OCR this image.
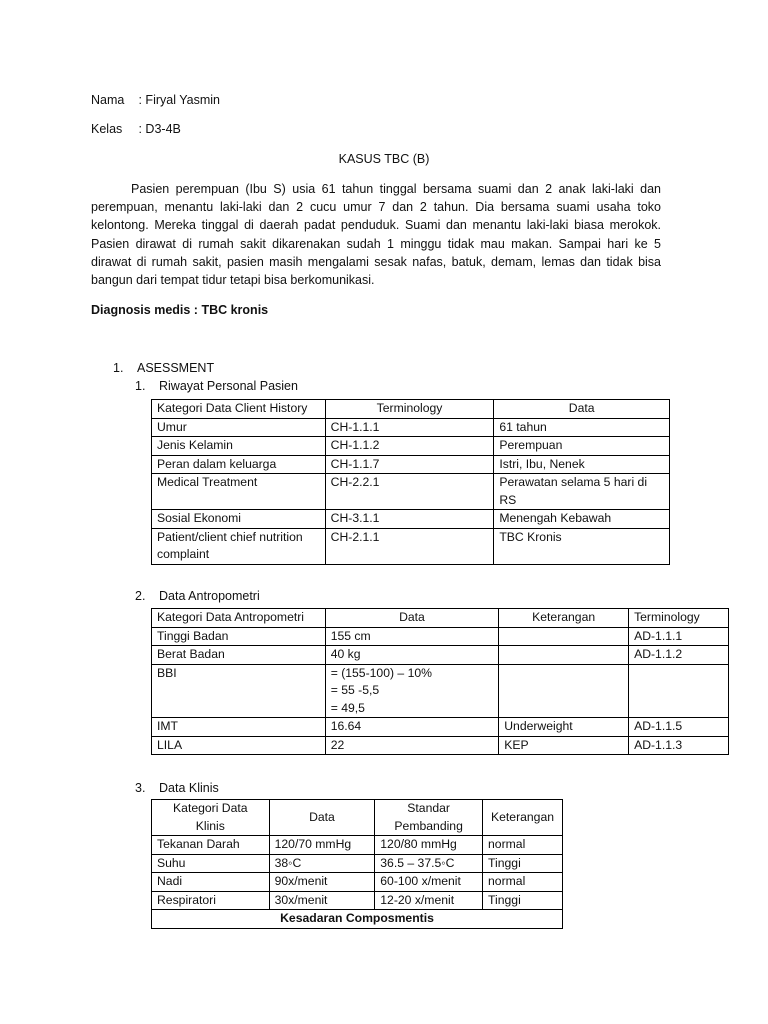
Nama : Firyal Yasmin
Kelas : D3-4B
KASUS TBC (B)
Pasien perempuan (Ibu S) usia 61 tahun tinggal bersama suami dan 2 anak laki-laki dan perempuan, menantu laki-laki dan 2 cucu umur 7 dan 2 tahun. Dia bersama suami usaha toko kelontong. Mereka tinggal di daerah padat penduduk. Suami dan menantu laki-laki biasa merokok. Pasien dirawat di rumah sakit dikarenakan sudah 1 minggu tidak mau makan. Sampai hari ke 5 dirawat di rumah sakit, pasien masih mengalami sesak nafas, batuk, demam, lemas dan tidak bisa bangun dari tempat tidur tetapi bisa berkomunikasi.
Diagnosis medis : TBC kronis
1. ASESSMENT
1. Riwayat Personal Pasien
Kategori Data Client History	Terminology	Data
Umur	CH-1.1.1	61 tahun
Jenis Kelamin	CH-1.1.2	Perempuan
Peran dalam keluarga	CH-1.1.7	Istri, Ibu, Nenek
Medical Treatment	CH-2.2.1	Perawatan selama 5 hari di RS
Sosial Ekonomi	CH-3.1.1	Menengah Kebawah
Patient/client chief nutrition complaint	CH-2.1.1	TBC Kronis
2. Data Antropometri
Kategori Data Antropometri	Data	Keterangan	Terminology
Tinggi Badan	155 cm		AD-1.1.1
Berat Badan	40 kg		AD-1.1.2
BBI	= (155-100) – 10%
= 55 -5,5
= 49,5		
IMT	16.64	Underweight	AD-1.1.5
LILA	22	KEP	AD-1.1.3
3. Data Klinis
Kategori Data Klinis	Data	Standar Pembanding	Keterangan
Tekanan Darah	120/70 mmHg	120/80 mmHg	normal
Suhu	38◦C	36.5 – 37.5◦C	Tinggi
Nadi	90x/menit	60-100 x/menit	normal
Respiratori	30x/menit	12-20 x/menit	Tinggi
Kesadaran Composmentis			
